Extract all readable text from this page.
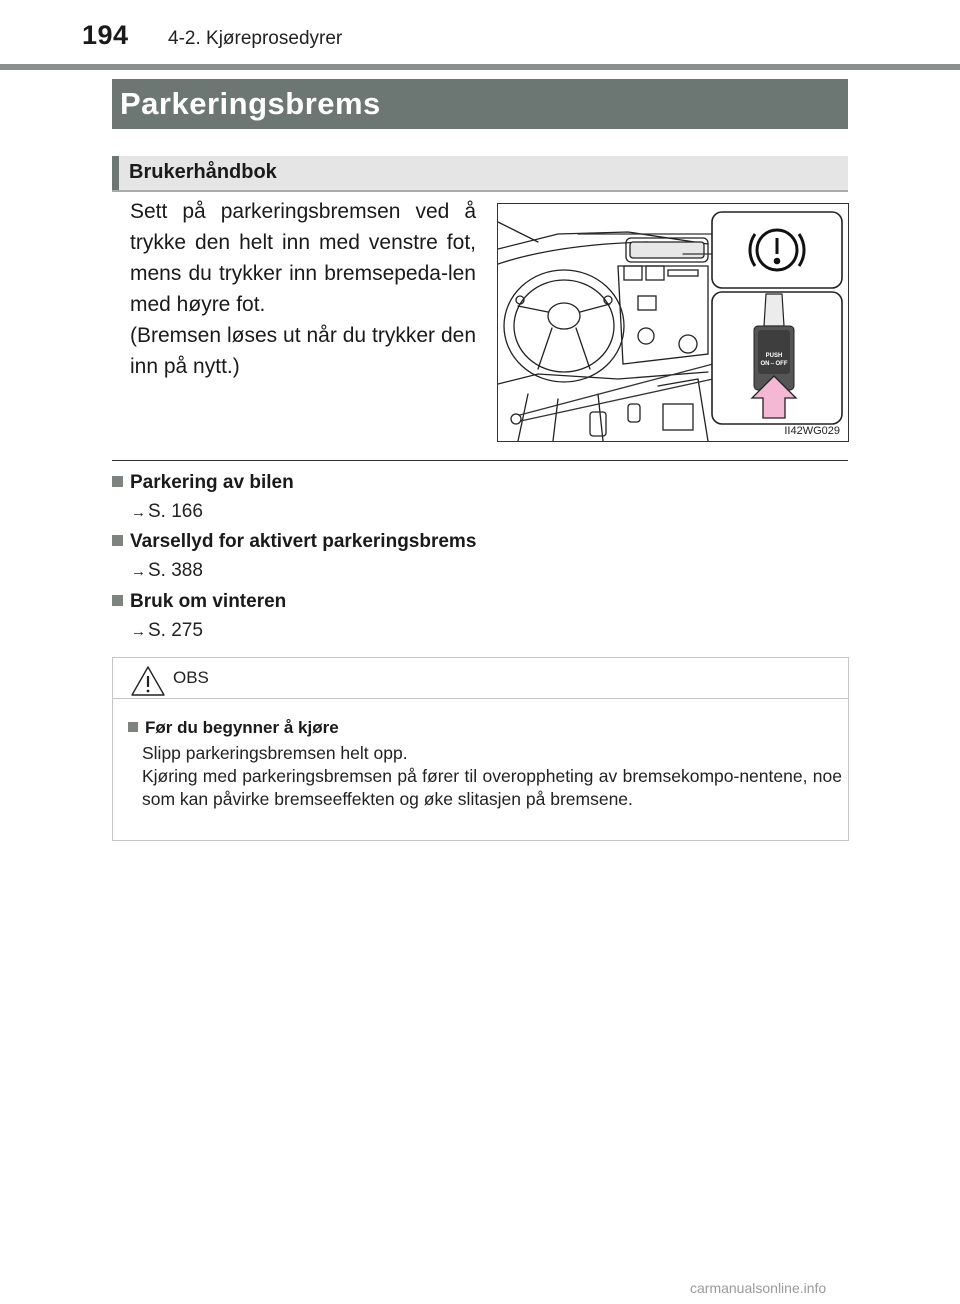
194 4-2. Kjøreprosedyrer
Parkeringsbrems
Brukerhåndbok
Sett på parkeringsbremsen ved å trykke den helt inn med venstre fot, mens du trykker inn bremsepeda-len med høyre fot.
(Bremsen løses ut når du trykker den inn på nytt.)	PUSH
ON⇔OFF
II42WG029
Parkering av bilen
→ S. 166
Varsellyd for aktivert parkeringsbrems
→ S. 388
Bruk om vinteren
→ S. 275
OBS
Før du begynner å kjøre

Slipp parkeringsbremsen helt opp.

Kjøring med parkeringsbremsen på fører til overoppheting av bremsekompo-nentene, noe som kan påvirke bremseeffekten og øke slitasjen på bremsene.

carmanualsonline.info
